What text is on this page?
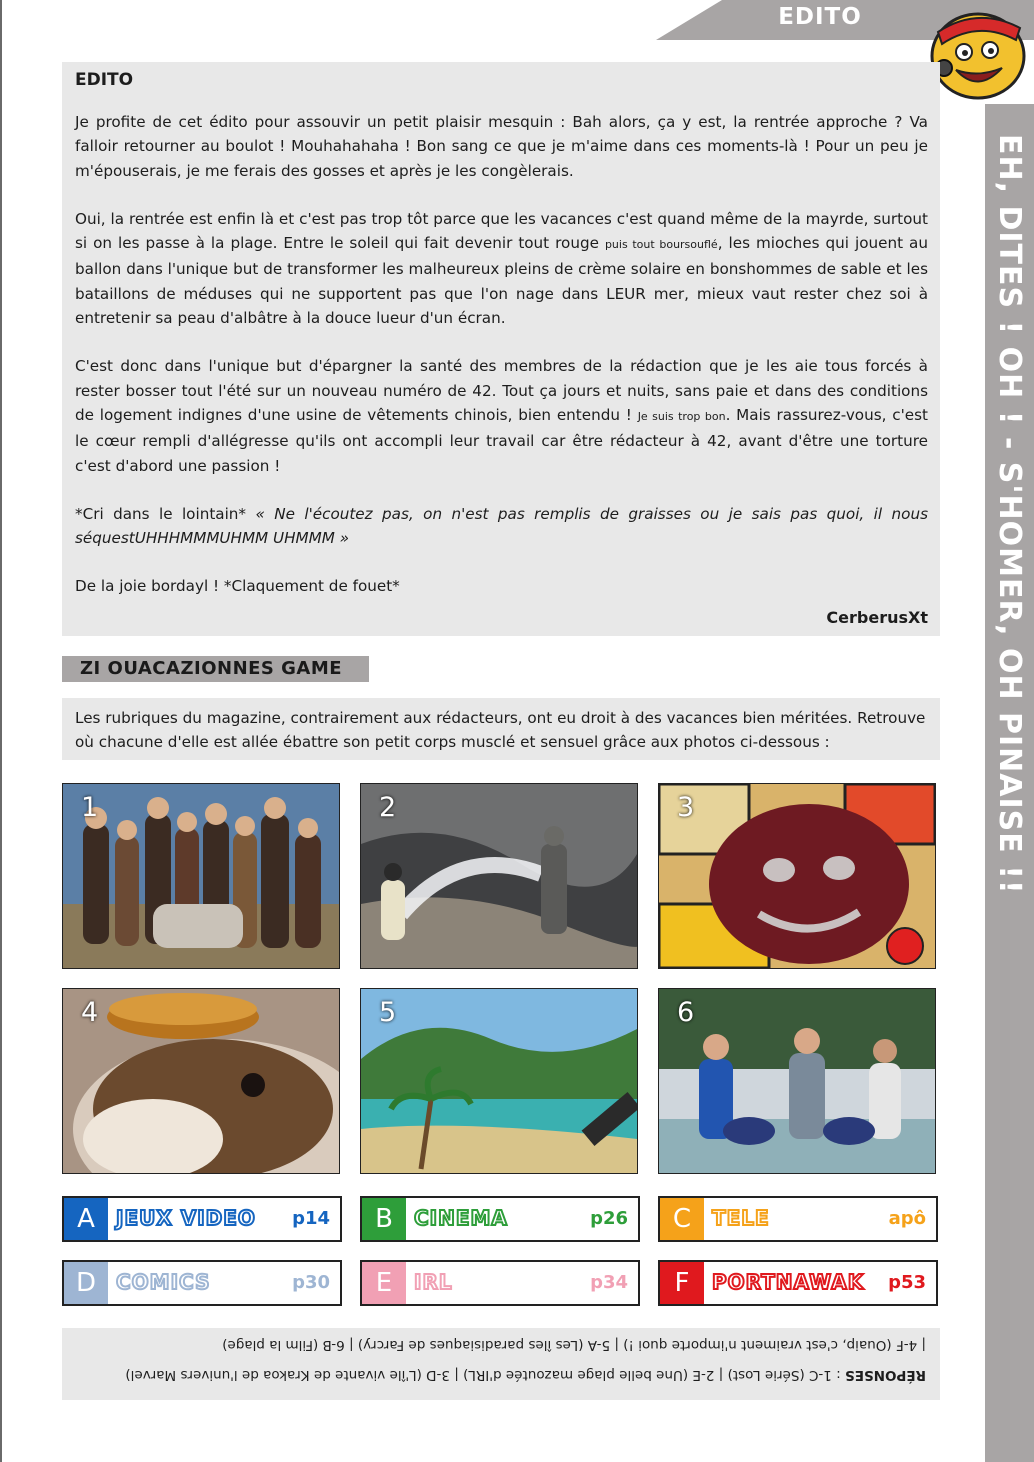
EDITO
EH, DITES ! OH ! - S'HOMER, OH PINAISE !!
EDITO

Je profite de cet édito pour assouvir un petit plaisir mesquin : Bah alors, ça y est, la rentrée approche ? Va falloir retourner au boulot ! Mouhahahaha ! Bon sang ce que je m'aime dans ces moments-là ! Pour un peu je m'épouserais, je me ferais des gosses et après je les congèlerais.

Oui, la rentrée est enfin là et c'est pas trop tôt parce que les vacances c'est quand même de la mayrde, surtout si on les passe à la plage. Entre le soleil qui fait devenir tout rouge puis tout boursouflé, les mioches qui jouent au ballon dans l'unique but de transformer les malheureux pleins de crème solaire en bonshommes de sable et les bataillons de méduses qui ne supportent pas que l'on nage dans LEUR mer, mieux vaut rester chez soi à entretenir sa peau d'albâtre à la douce lueur d'un écran.

C'est donc dans l'unique but d'épargner la santé des membres de la rédaction que je les aie tous forcés à rester bosser tout l'été sur un nouveau numéro de 42. Tout ça jours et nuits, sans paie et dans des conditions de logement indignes d'une usine de vêtements chinois, bien entendu ! Je suis trop bon. Mais rassurez-vous, c'est le cœur rempli d'allégresse qu'ils ont accompli leur travail car être rédacteur à 42, avant d'être une torture c'est d'abord une passion !

*Cri dans le lointain* « Ne l'écoutez pas, on n'est pas remplis de graisses ou je sais pas quoi, il nous séquestUHHHMMMUHMM UHMMM »

De la joie bordayl ! *Claquement de fouet*

CerberusXt
ZI OUACAZIONNES GAME
Les rubriques du magazine, contrairement aux rédacteurs, ont eu droit à des vacances bien méritées. Retrouve où chacune d'elle est allée ébattre son petit corps musclé et sensuel grâce aux photos ci-dessous :
1	2	3
4	5	6
A	JEUX VIDEO p14	B	CINEMA	p26	C	TELE	apô
D COMICS	p30	E	IRL	p34	F	PORTNAWAK p53
RÉPONSES : 1-C (Série Lost) | 2-E (Une belle plage mazoutée d'IRL) | 3-D (L'île vivante de Krakoa de l'univers Marvel)
| 4-F (Ouaip, c'est vraiment n'importe quoi !) | 5-A (Les îles paradisiaques de Farcry) | 6-B (Film la plage)
